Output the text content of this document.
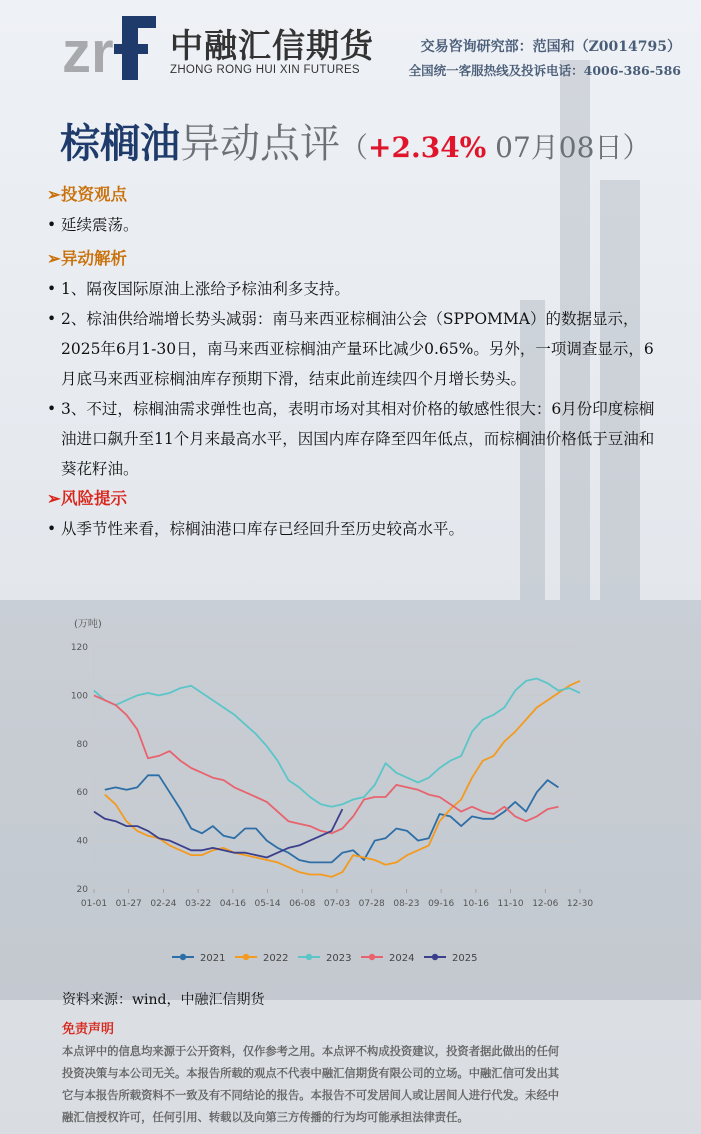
zr 中融汇信期货
ZHONG RONG HUI XIN FUTURES
交易咨询研究部：范国和（Z0014795）
全国统一客服热线及投诉电话：4006-386-586
棕榈油异动点评（+2.34% 07月08日）

➢投资观点

• 延续震荡。

➢异动解析

• 1、隔夜国际原油上涨给予棕油利多支持。

• 2、棕油供给端增长势头减弱：南马来西亚棕榈油公会（SPPOMMA）的数据显示，2025年6月1-30日，南马来西亚棕榈油产量环比减少0.65%。另外，一项调查显示，6月底马来西亚棕榈油库存预期下滑，结束此前连续四个月增长势头。

• 3、不过，棕榈油需求弹性也高，表明市场对其相对价格的敏感性很大：6月份印度棕榈油进口飙升至11个月来最高水平，因国内库存降至四年低点，而棕榈油价格低于豆油和葵花籽油。

➢风险提示

• 从季节性来看，棕榈油港口库存已经回升至历史较高水平。

(万吨)
20
40
60
80
100
120
01-01 01-27 02-24 03-22 04-16 05-14 06-08 07-03 07-28 08-23 09-16 10-16 11-10 12-06 12-30
2021	2022	2023	2024	2025
资料来源：wind，中融汇信期货
免责声明
本点评中的信息均来源于公开资料，仅作参考之用。本点评不构成投资建议，投资者据此做出的任何
投资决策与本公司无关。本报告所载的观点不代表中融汇信期货有限公司的立场。中融汇信可发出其
它与本报告所载资料不一致及有不同结论的报告。本报告不可发居间人或让居间人进行代发。未经中
融汇信授权许可，任何引用、转载以及向第三方传播的行为均可能承担法律责任。
